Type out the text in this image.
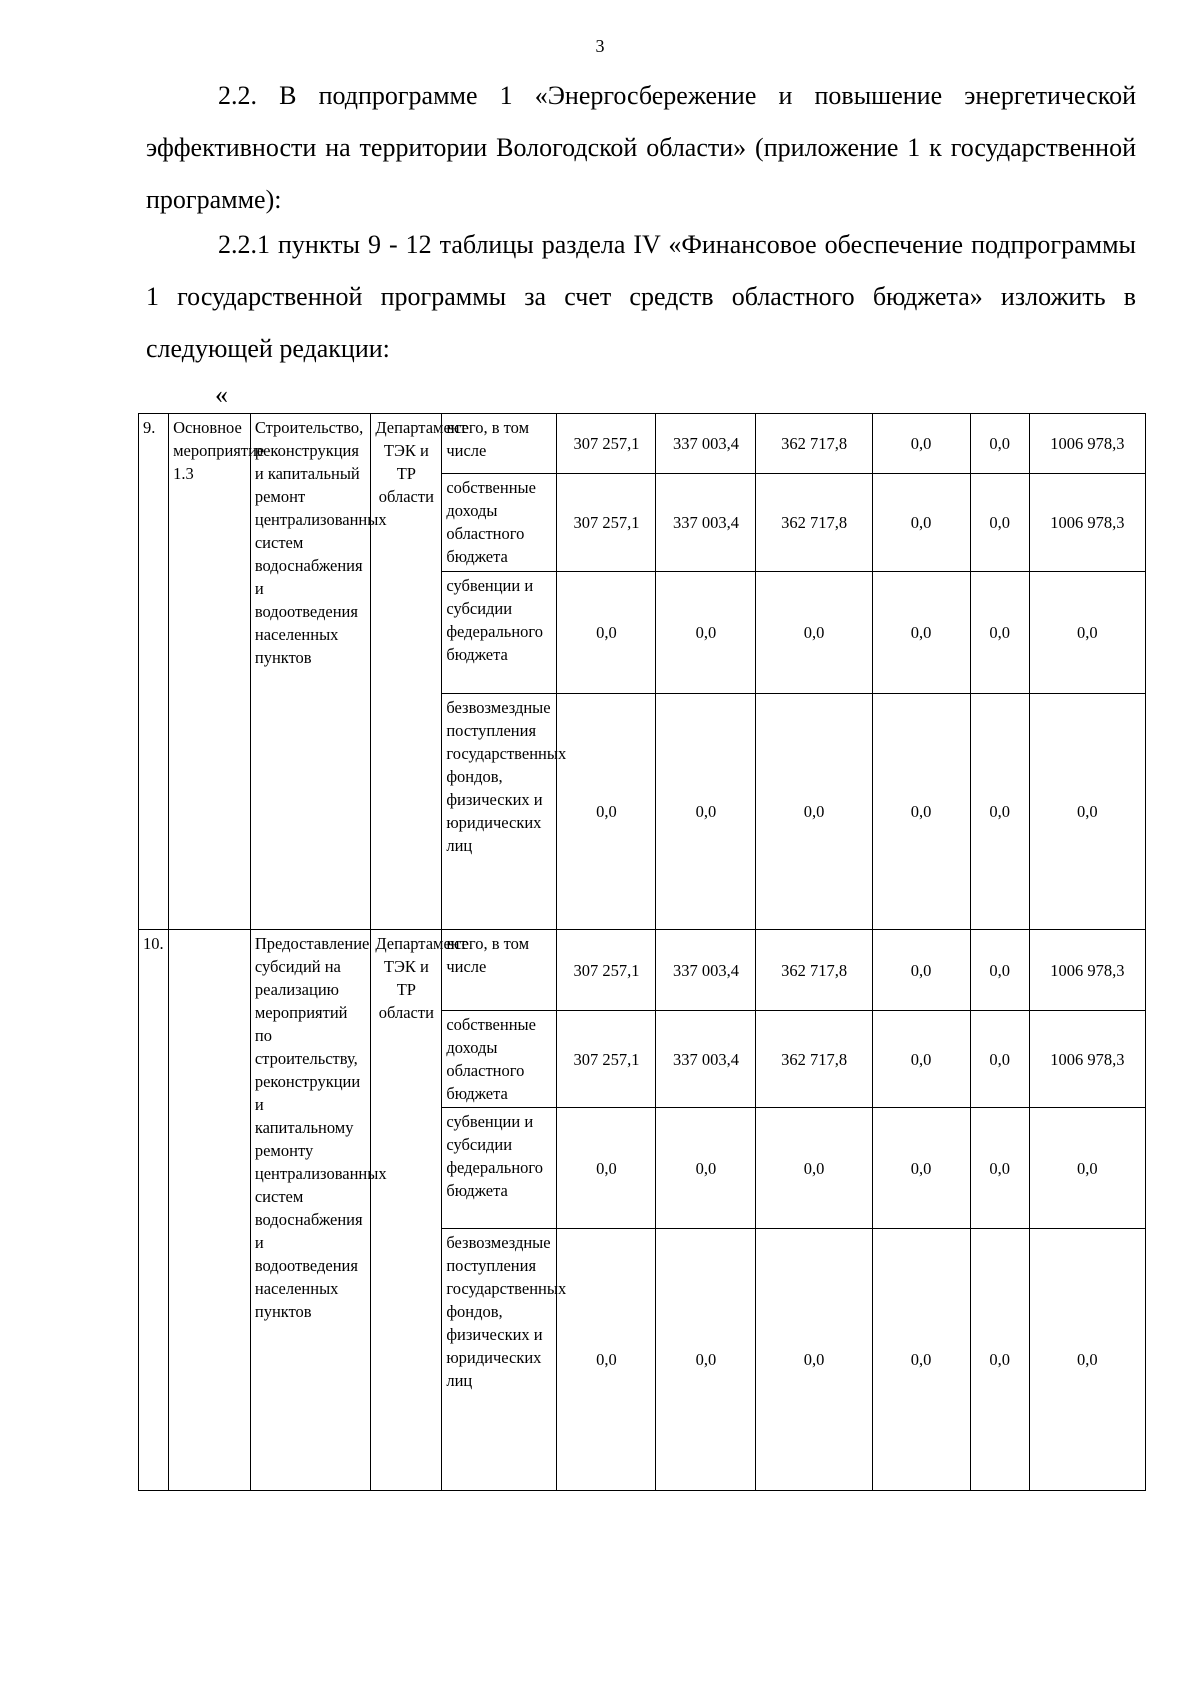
3

2.2. В подпрограмме 1 «Энергосбережение и повышение энергетической эффективности на территории Вологодской области» (приложение 1 к государственной программе):

2.2.1 пункты 9 - 12 таблицы раздела IV «Финансовое обеспечение подпрограммы 1 государственной программы за счет средств областного бюджета» изложить в следующей редакции:

«
9.	Основное мероприятие 1.3	Строительство, реконструкция и капитальный ремонт централизованных систем водоснабжения и водоотведения населенных пунктов	Департамент ТЭК и ТР области	всего, в том числе	307 257,1	337 003,4	362 717,8	0,0	0,0	1006 978,3
				собственные доходы областного бюджета	307 257,1	337 003,4	362 717,8	0,0	0,0	1006 978,3
				субвенции и субсидии федерального бюджета	0,0	0,0	0,0	0,0	0,0	0,0
				безвозмездные поступления государственных фондов, физических и юридических лиц	0,0	0,0	0,0	0,0	0,0	0,0
10.		Предоставление субсидий на реализацию мероприятий по строительству, реконструкции и капитальному ремонту централизованных систем водоснабжения и водоотведения населенных пунктов	Департамент ТЭК и ТР области	всего, в том числе	307 257,1	337 003,4	362 717,8	0,0	0,0	1006 978,3
				собственные доходы областного бюджета	307 257,1	337 003,4	362 717,8	0,0	0,0	1006 978,3
				субвенции и субсидии федерального бюджета	0,0	0,0	0,0	0,0	0,0	0,0
				безвозмездные поступления государственных фондов, физических и юридических лиц	0,0	0,0	0,0	0,0	0,0	0,0
